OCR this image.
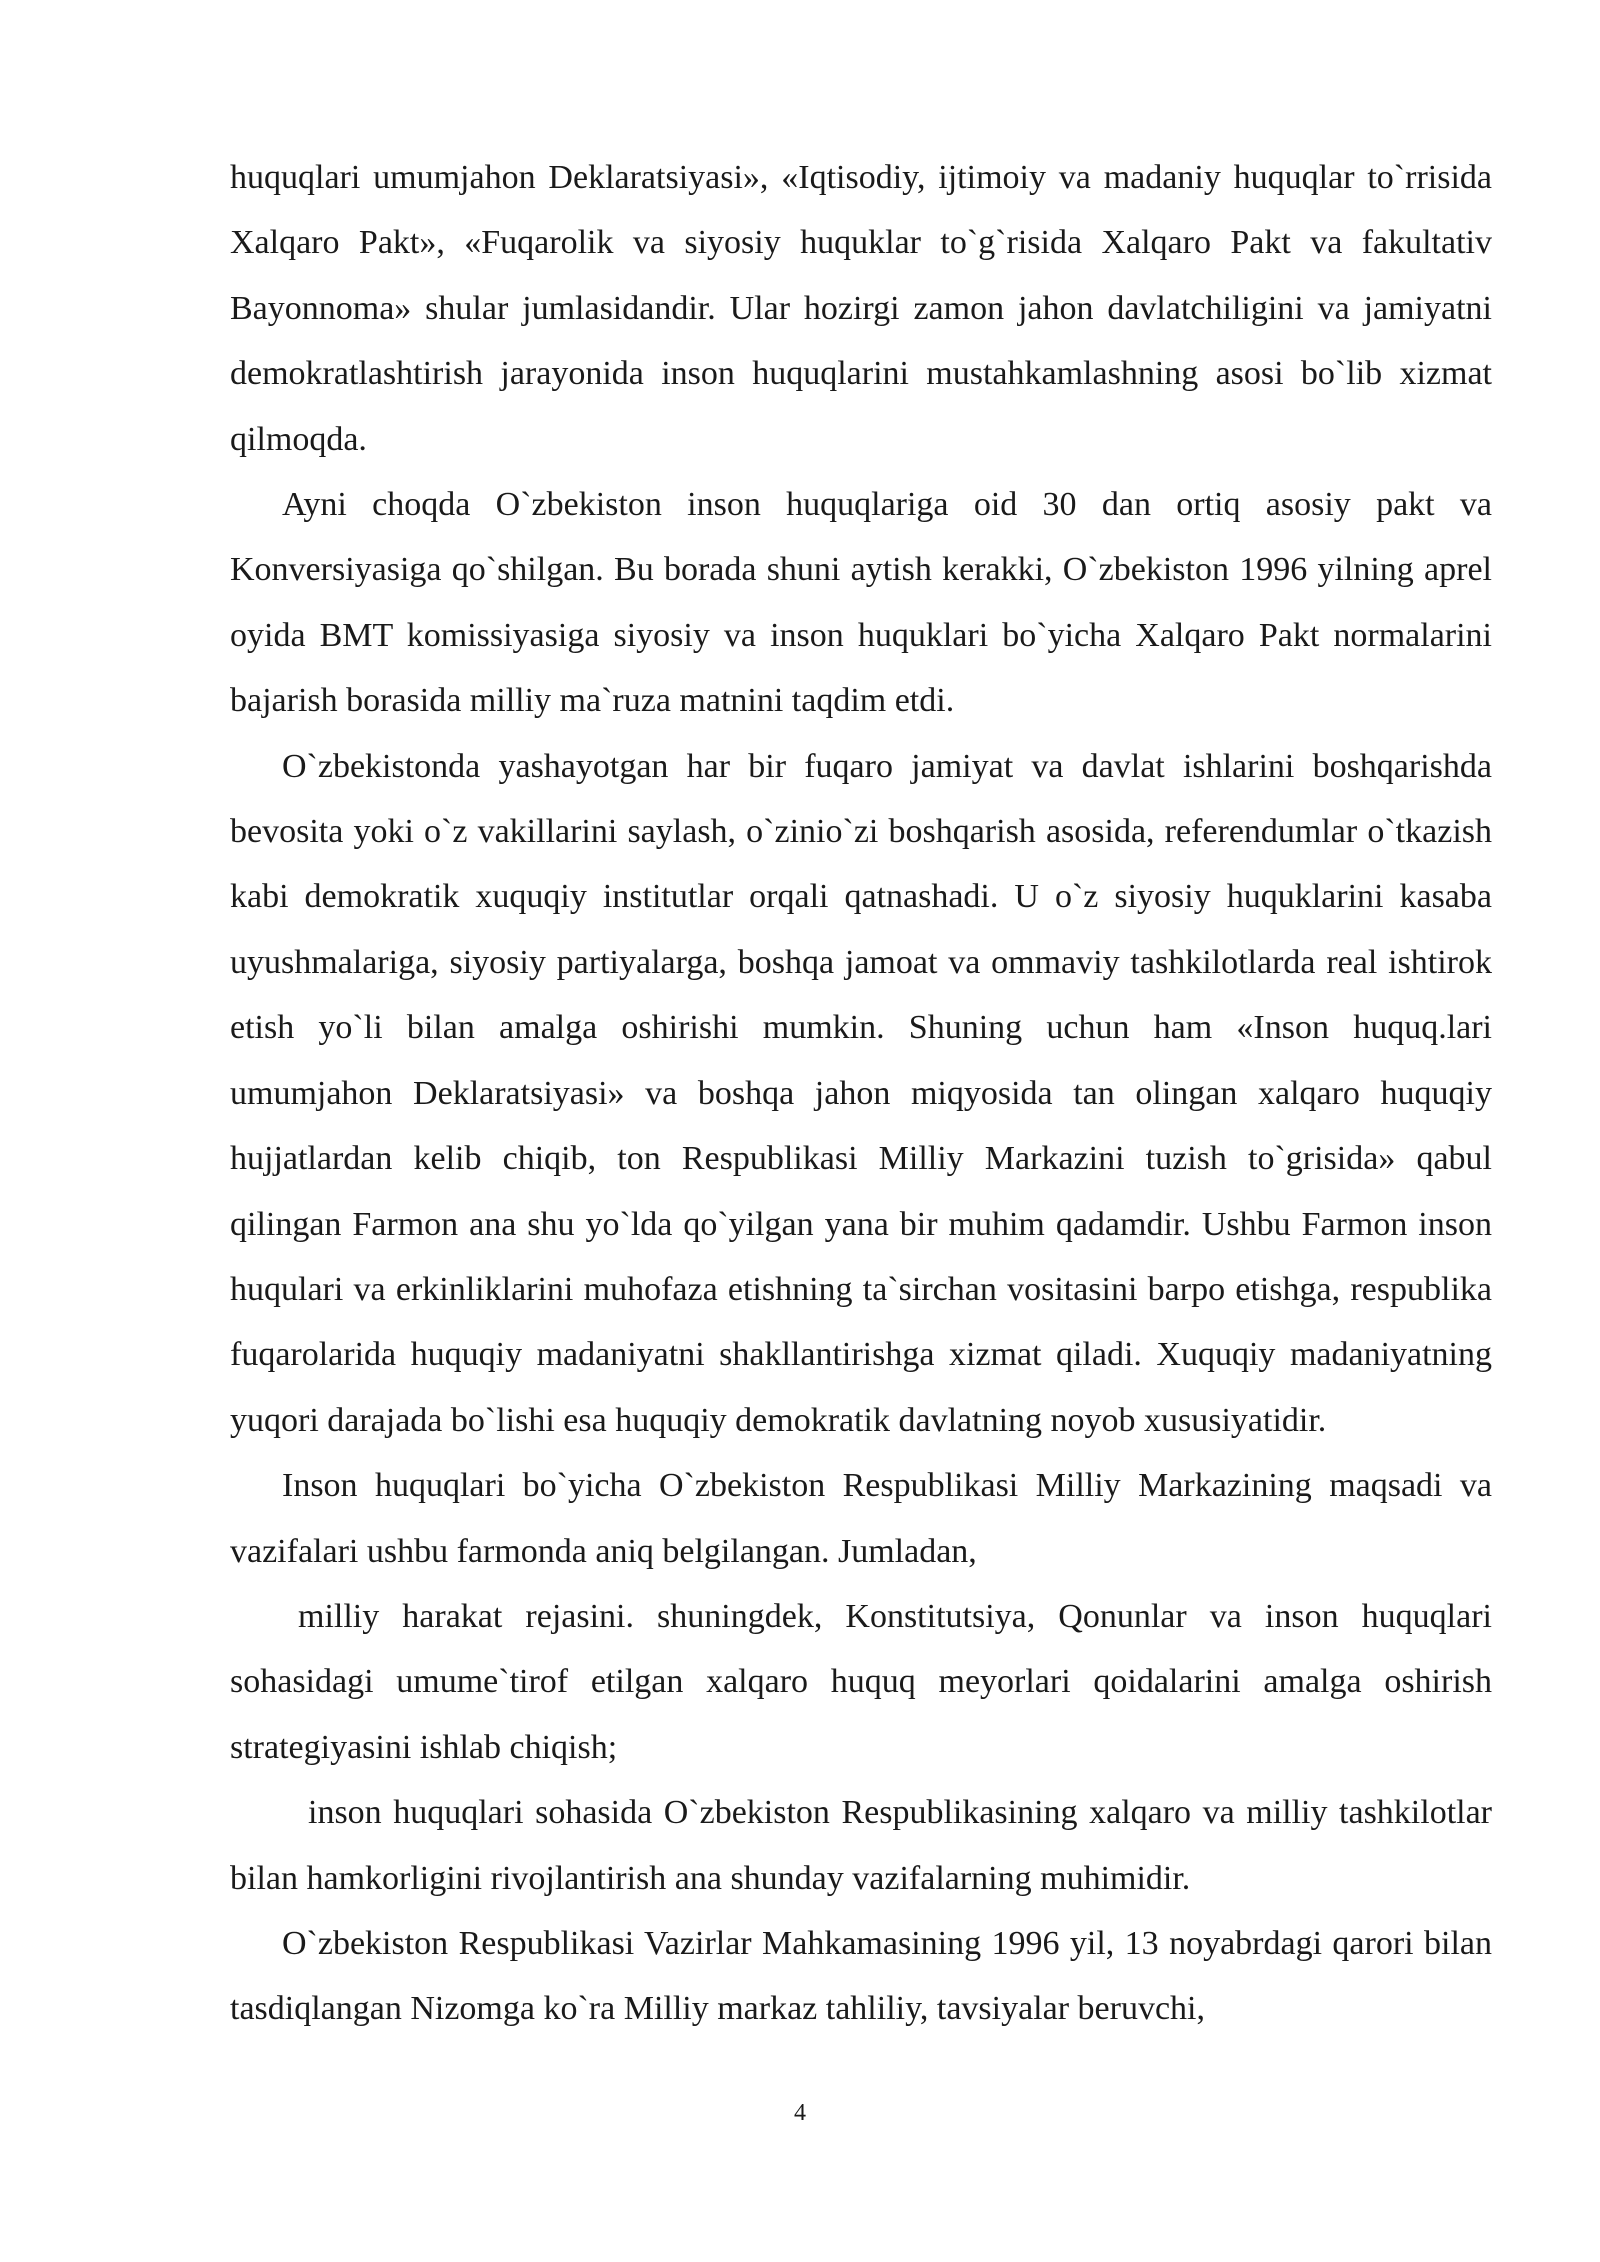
huquqlari umumjahon Deklaratsiyasi», «Iqtisodiy, ijtimoiy va madaniy huquqlar to`rrisida Xalqaro Pakt», «Fuqarolik va siyosiy huquklar to`g`risida Xalqaro Pakt va fakultativ Bayonnoma» shular jumlasidandir. Ular hozirgi zamon jahon davlatchiligini va jamiyatni demokratlashtirish jarayonida inson huquqlarini mustahkamlashning asosi bo`lib xizmat qilmoqda.

Ayni choqda O`zbekiston inson huquqlariga oid 30 dan ortiq asosiy pakt va Konversiyasiga qo`shilgan. Bu borada shuni aytish kerakki, O`zbekiston 1996 yilning aprel oyida BMT komissiyasiga siyosiy va inson huquklari bo`yicha Xalqaro Pakt normalarini bajarish borasida milliy ma`ruza matnini taqdim etdi.

O`zbekistonda yashayotgan har bir fuqaro jamiyat va davlat ishlarini boshqarishda bevosita yoki o`z vakillarini saylash, o`zinio`zi boshqarish asosida, referendumlar o`tkazish kabi demokratik xuquqiy institutlar orqali qatnashadi. U o`z siyosiy huquklarini kasaba uyushmalariga, siyosiy partiyalarga, boshqa jamoat va ommaviy tashkilotlarda real ishtirok etish yo`li bilan amalga oshirishi mumkin. Shuning uchun ham «Inson huquq.lari umumjahon Deklaratsiyasi» va boshqa jahon miqyosida tan olingan xalqaro huquqiy hujjatlardan kelib chiqib, ton Respublikasi Milliy Markazini tuzish to`grisida» qabul qilingan Farmon ana shu yo`lda qo`yilgan yana bir muhim qadamdir. Ushbu Farmon inson huqulari va erkinliklarini muhofaza etishning ta`sirchan vositasini barpo etishga, respublika fuqarolarida huquqiy madaniyatni shakllantirishga xizmat qiladi. Xuquqiy madaniyatning yuqori darajada bo`lishi esa huquqiy demokratik davlatning noyob xususiyatidir.

Inson huquqlari bo`yicha O`zbekiston Respublikasi Milliy Markazining maqsadi va vazifalari ushbu farmonda aniq belgilangan. Jumladan,

milliy harakat rejasini. shuningdek, Konstitutsiya, Qonunlar va inson huquqlari sohasidagi umume`tirof etilgan xalqaro huquq meyorlari qoidalarini amalga oshirish strategiyasini ishlab chiqish;

inson huquqlari sohasida O`zbekiston Respublikasining xalqaro va milliy tashkilotlar bilan hamkorligini rivojlantirish ana shunday vazifalarning muhimidir.

O`zbekiston Respublikasi Vazirlar Mahkamasining 1996 yil, 13 noyabrdagi qarori bilan tasdiqlangan Nizomga ko`ra Milliy markaz tahliliy, tavsiyalar beruvchi,

4
